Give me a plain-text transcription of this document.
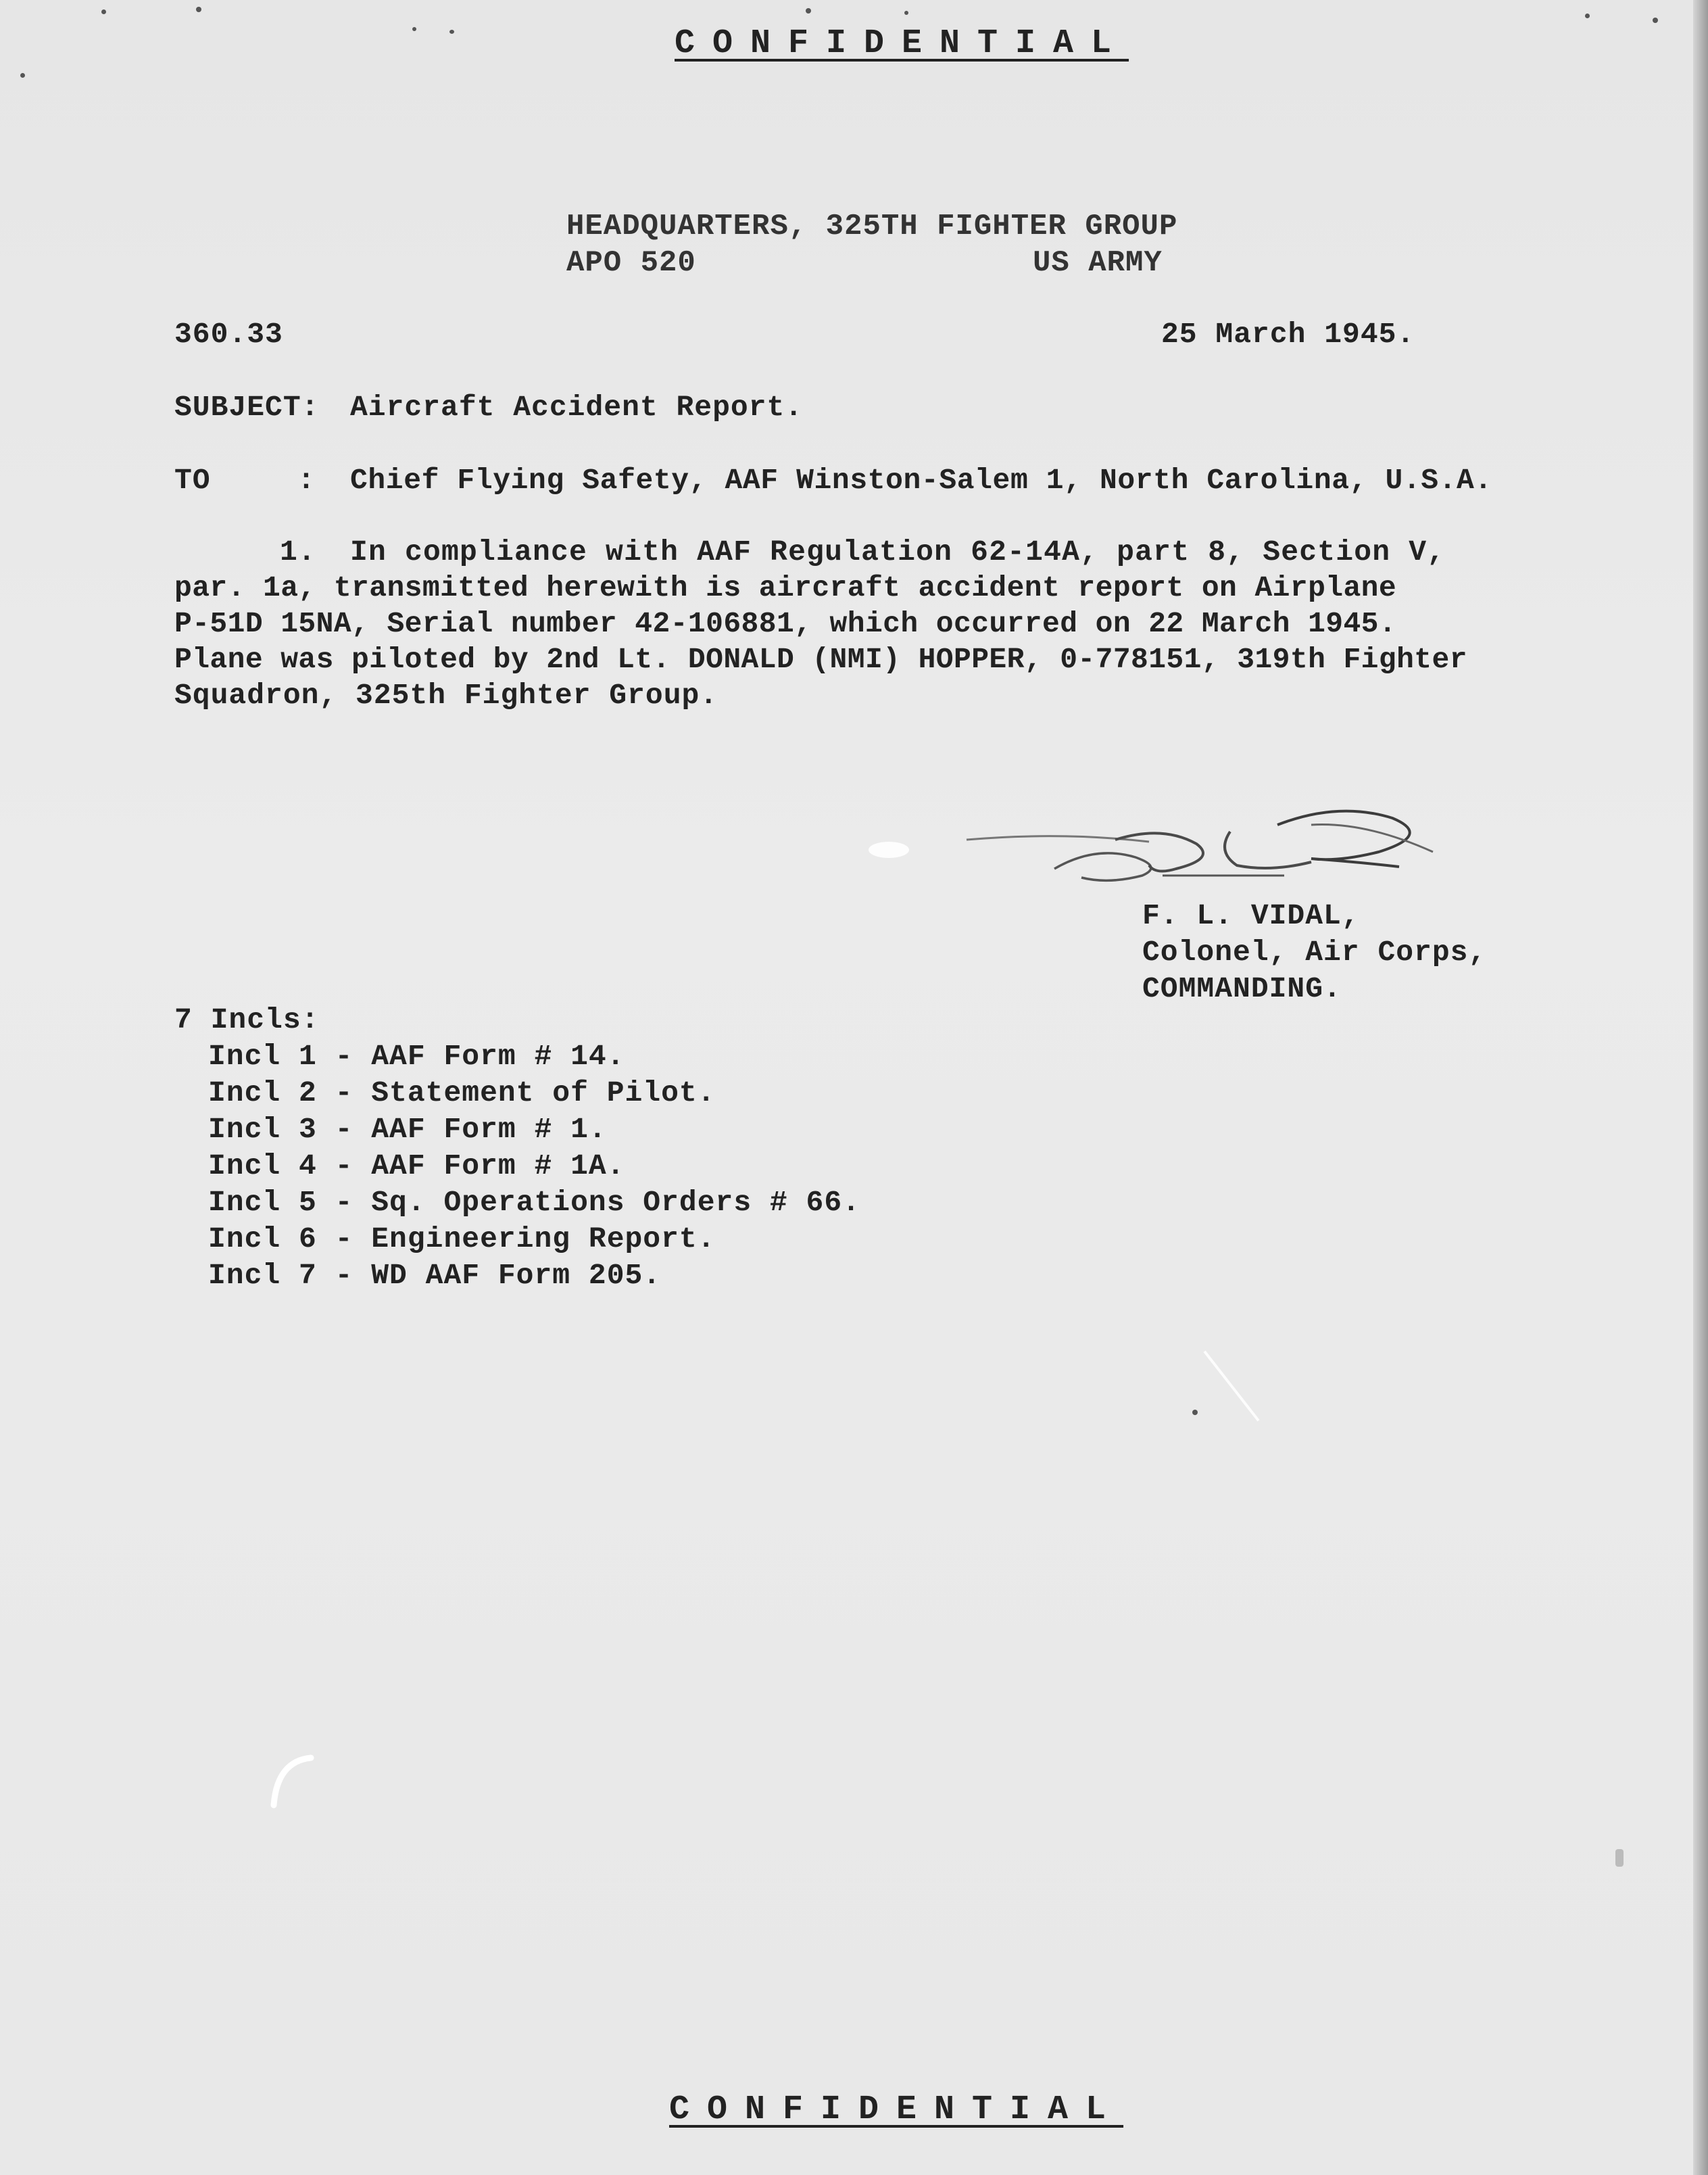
CONFIDENTIAL
HEADQUARTERS, 325TH FIGHTER GROUP
APO 520	US ARMY
360.33	25 March 1945.
SUBJECT: Aircraft Accident Report.
TO	: Chief Flying Safety, AAF Winston-Salem 1, North Carolina, U.S.A.
1. In compliance with AAF Regulation 62-14A, part 8, Section V,
par. 1a, transmitted herewith is aircraft accident report on Airplane
P-51D 15NA, Serial number 42-106881, which occurred on 22 March 1945.
Plane was piloted by 2nd Lt. DONALD (NMI) HOPPER, 0-778151, 319th Fighter
Squadron, 325th Fighter Group.
F. L. VIDAL,
Colonel, Air Corps,
COMMANDING.
7 Incls:
Incl 1 - AAF Form # 14.
Incl 2 - Statement of Pilot.
Incl 3 - AAF Form # 1.
Incl 4 - AAF Form # 1A.
Incl 5 - Sq. Operations Orders # 66.
Incl 6 - Engineering Report.
Incl 7 - WD AAF Form 205.
CONFIDENTIAL
